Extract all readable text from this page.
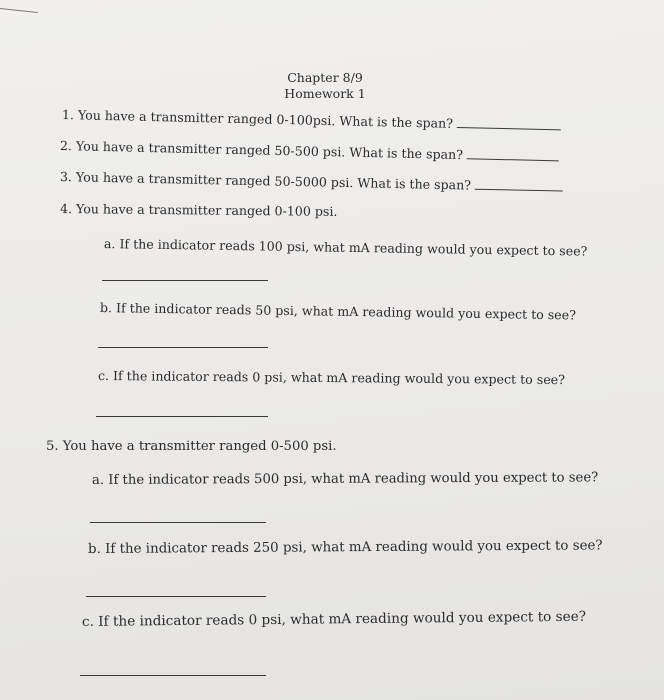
Chapter 8/9
Homework 1
1. You have a transmitter ranged 0-100psi. What is the span?
2. You have a transmitter ranged 50-500 psi. What is the span?
3. You have a transmitter ranged 50-5000 psi. What is the span?
4. You have a transmitter ranged 0-100 psi.
a. If the indicator reads 100 psi, what mA reading would you expect to see?
b. If the indicator reads 50 psi, what mA reading would you expect to see?
c. If the indicator reads 0 psi, what mA reading would you expect to see?
5. You have a transmitter ranged 0-500 psi.
a. If the indicator reads 500 psi, what mA reading would you expect to see?
b. If the indicator reads 250 psi, what mA reading would you expect to see?
c. If the indicator reads 0 psi, what mA reading would you expect to see?
